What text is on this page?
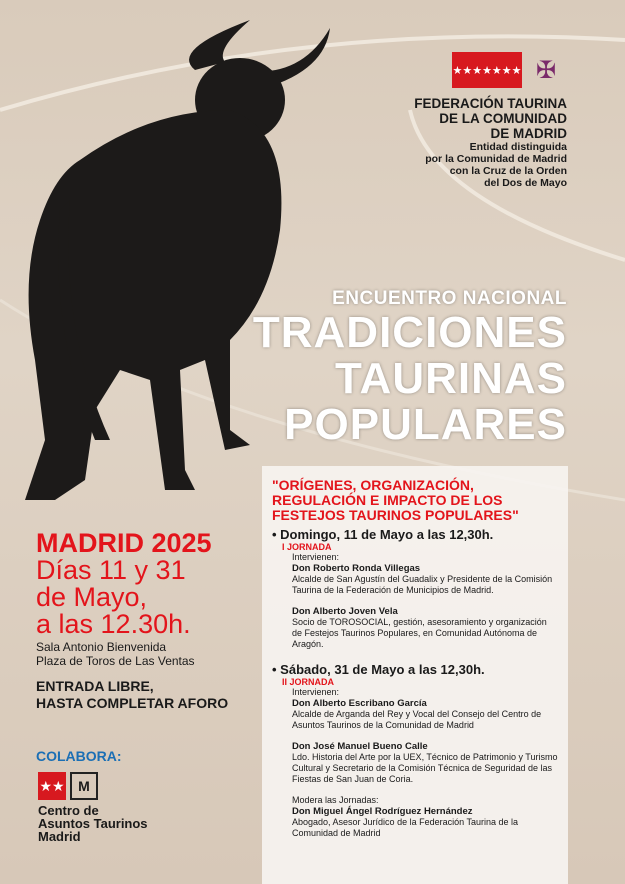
★★★★★★★ ✠
FEDERACIÓN TAURINA
DE LA COMUNIDAD
DE MADRID
Entidad distinguida
por la Comunidad de Madrid
con la Cruz de la Orden
del Dos de Mayo
ENCUENTRO NACIONAL
TRADICIONES
TAURINAS
POPULARES
MADRID 2025
Días 11 y 31
de Mayo,
a las 12.30h.
Sala Antonio Bienvenida
Plaza de Toros de Las Ventas
ENTRADA LIBRE,
HASTA COMPLETAR AFORO
COLABORA:
★★ M
Centro de
Asuntos Taurinos
Madrid
"ORÍGENES, ORGANIZACIÓN, REGULACIÓN E IMPACTO DE LOS FESTEJOS TAURINOS POPULARES"
• Domingo, 11 de Mayo a las 12,30h.
I JORNADA
Intervienen:
Don Roberto Ronda Villegas
Alcalde de San Agustín del Guadalix y Presidente de la Comisión Taurina de la Federación de Municipios de Madrid.
Don Alberto Joven Vela
Socio de TOROSOCIAL, gestión, asesoramiento y organización de Festejos Taurinos Populares, en Comunidad Autónoma de Aragón.
• Sábado, 31 de Mayo a las 12,30h.
II JORNADA
Intervienen:
Don Alberto Escribano García
Alcalde de Arganda del Rey y Vocal del Consejo del Centro de Asuntos Taurinos de la Comunidad de Madrid
Don José Manuel Bueno Calle
Ldo. Historia del Arte por la UEX, Técnico de Patrimonio y Turismo Cultural y Secretario de la Comisión Técnica de Seguridad de las Fiestas de San Juan de Coria.
Modera las Jornadas:
Don Miguel Ángel Rodríguez Hernández
Abogado, Asesor Jurídico de la Federación Taurina de la Comunidad de Madrid
